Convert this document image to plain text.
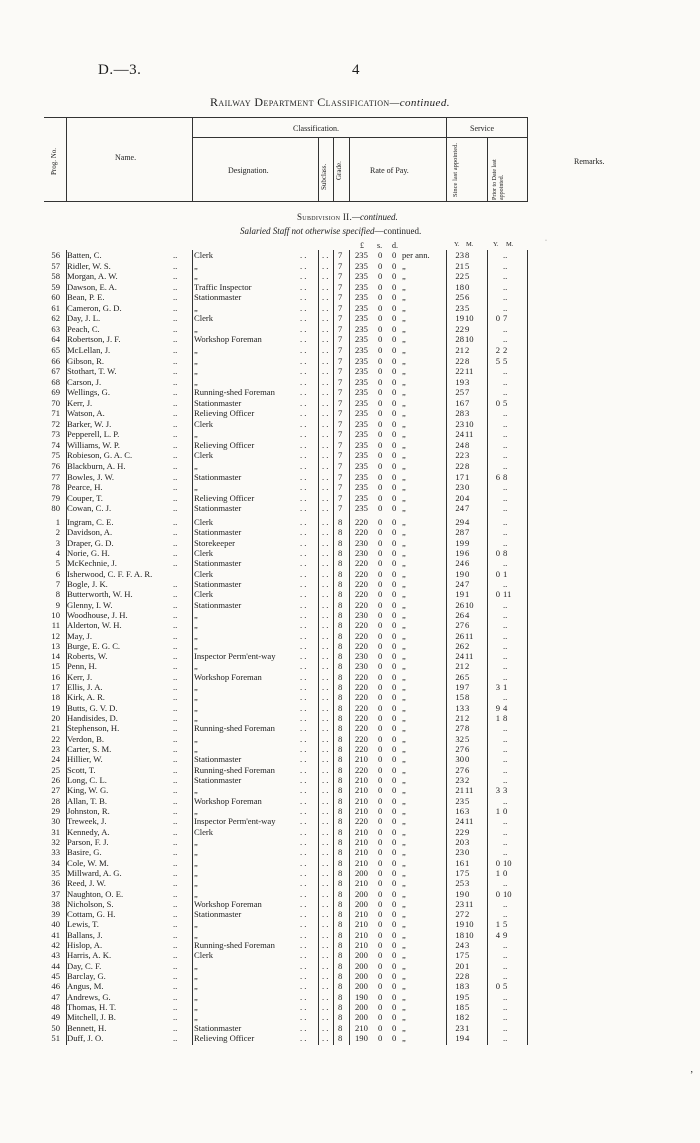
D.—3.	4
Railway Department Classification—continued.
Classification.	Service
Name.
Designation.	Rate of Pay.
Remarks.
Prog. No.
Subclass. Grade.	Since last appointed.	Prior to Date last appointed.
Subdivision II.—continued.
Salaried Staff not otherwise specified—continued.
£ s. d.	Y. M.	Y. M.
56 Batten, C.	.. Clerk	. . . . 7 235 0 0 per ann.	23 8	..
57 Ridler, W. S.	.. „	. . . . 7 235 0 0 „	21 5	..
58 Morgan, A. W.	.. „	. . . . 7 235 0 0 „	22 5	..
59 Dawson, E. A.	.. Traffic Inspector	. . . . 7 235 0 0 „	18 0	..
60 Bean, P. E.	.. Stationmaster	. . . . 7 235 0 0 „	25 6	..
61 Cameron, G. D.	.. „	. . . . 7 235 0 0 „	23 5	..
62 Day, J. L.	.. Clerk	. . . . 7 235 0 0 „	19 10	0 7
63 Peach, C.	.. „	. . . . 7 235 0 0 „	22 9	..
64 Robertson, J. F.	.. Workshop Foreman	. . . . 7 235 0 0 „	28 10	..
65 McLellan, J.	.. „	. . . . 7 235 0 0 „	21 2	2 2
66 Gibson, R.	.. „	. . . . 7 235 0 0 „	22 8	5 5
67 Stothart, T. W.	.. „	. . . . 7 235 0 0 „	22 11	..
68 Carson, J.	.. „	. . . . 7 235 0 0 „	19 3	..
69 Wellings, G.	.. Running-shed Foreman	. . . . 7 235 0 0 „	25 7	..
70 Kerr, J.	.. Stationmaster	. . . . 7 235 0 0 „	16 7	0 5
71 Watson, A.	.. Relieving Officer	. . . . 7 235 0 0 „	28 3	..
72 Barker, W. J.	.. Clerk	. . . . 7 235 0 0 „	23 10	..
73 Pepperell, L. P.	.. „	. . . . 7 235 0 0 „	24 11	..
74 Williams, W. P.	.. Relieving Officer	. . . . 7 235 0 0 „	24 8	..
75 Robieson, G. A. C.	.. Clerk	. . . . 7 235 0 0 „	22 3	..
76 Blackburn, A. H.	.. „	. . . . 7 235 0 0 „	22 8	..
77 Bowles, J. W.	.. Stationmaster	. . . . 7 235 0 0 „	17 1	6 8
78 Pearce, H.	.. „	. . . . 7 235 0 0 „	23 0	..
79 Couper, T.	.. Relieving Officer	. . . . 7 235 0 0 „	20 4	..
80 Cowan, C. J.	.. Stationmaster	. . . . 7 235 0 0 „	24 7	..
1 Ingram, C. E.	.. Clerk	. . . . 8 220 0 0 „	29 4	..
2 Davidson, A.	.. Stationmaster	. . . . 8 220 0 0 „	28 7	..
3 Draper, G. D.	.. Storekeeper	. . . . 8 230 0 0 „	19 9	..
4 Norie, G. H.	.. Clerk	. . . . 8 230 0 0 „	19 6	0 8
5 McKechnie, J.	.. Stationmaster	. . . . 8 220 0 0 „	24 6	..
6 Isherwood, C. F. F. A. R.	Clerk	. . . . 8 220 0 0 „	19 0	0 1
7 Bogle, J. K.	.. Stationmaster	. . . . 8 220 0 0 „	24 7	..
8 Butterworth, W. H.	.. Clerk	. . . . 8 220 0 0 „	19 1	0 11
9 Glenny, I. W.	.. Stationmaster	. . . . 8 220 0 0 „	26 10	..
10 Woodhouse, J. H.	.. „	. . . . 8 230 0 0 „	26 4	..
11 Alderton, W. H.	.. „	. . . . 8 220 0 0 „	27 6	..
12 May, J.	.. „	. . . . 8 220 0 0 „	26 11	..
13 Burge, E. G. C.	.. „	. . . . 8 220 0 0 „	26 2	..
14 Roberts, W.	.. Inspector Perm'ent-way	. . . . 8 230 0 0 „	24 11	..
15 Penn, H.	.. „	. . . . 8 230 0 0 „	21 2	..
16 Kerr, J.	.. Workshop Foreman	. . . . 8 220 0 0 „	26 5	..
17 Ellis, J. A.	.. „	. . . . 8 220 0 0 „	19 7	3 1
18 Kirk, A. R.	.. „	. . . . 8 220 0 0 „	15 8	..
19 Butts, G. V. D.	.. „	. . . . 8 220 0 0 „	13 3	9 4
20 Handisides, D.	.. „	. . . . 8 220 0 0 „	21 2	1 8
21 Stephenson, H.	.. Running-shed Foreman	. . . . 8 220 0 0 „	27 8	..
22 Verdon, B.	.. „	. . . . 8 220 0 0 „	32 5	..
23 Carter, S. M.	.. „	. . . . 8 220 0 0 „	27 6	..
24 Hillier, W.	.. Stationmaster	. . . . 8 210 0 0 „	30 0	..
25 Scott, T.	.. Running-shed Foreman	. . . . 8 220 0 0 „	27 6	..
26 Long, C. L.	.. Stationmaster	. . . . 8 210 0 0 „	23 2	..
27 King, W. G.	.. „	. . . . 8 210 0 0 „	21 11	3 3
28 Allan, T. B.	.. Workshop Foreman	. . . . 8 210 0 0 „	23 5	..
29 Johnston, R.	.. „	. . . . 8 210 0 0 „	16 3	1 0
30 Treweek, J.	.. Inspector Perm'ent-way	. . . . 8 220 0 0 „	24 11	..
31 Kennedy, A.	.. Clerk	. . . . 8 210 0 0 „	22 9	..
32 Parson, F. J.	.. „	. . . . 8 210 0 0 „	20 3	..
33 Basire, G.	.. „	. . . . 8 210 0 0 „	23 0	..
34 Cole, W. M.	.. „	. . . . 8 210 0 0 „	16 1	0 10
35 Millward, A. G.	.. „	. . . . 8 200 0 0 „	17 5	1 0
36 Reed, J. W.	.. „	. . . . 8 210 0 0 „	25 3	..
37 Naughton, O. E.	.. „	. . . . 8 200 0 0 „	19 0	0 10
38 Nicholson, S.	.. Workshop Foreman	. . . . 8 200 0 0 „	23 11	..
39 Cottam, G. H.	.. Stationmaster	. . . . 8 210 0 0 „	27 2	..
40 Lewis, T.	.. „	. . . . 8 210 0 0 „	19 10	1 5
41 Ballans, J.	.. „	. . . . 8 210 0 0 „	18 10	4 9
42 Hislop, A.	.. Running-shed Foreman	. . . . 8 210 0 0 „	24 3	..
43 Harris, A. K.	.. Clerk	. . . . 8 200 0 0 „	17 5	..
44 Day, C. F.	.. „	. . . . 8 200 0 0 „	20 1	..
45 Barclay, G.	.. „	. . . . 8 200 0 0 „	22 8	..
46 Angus, M.	.. „	. . . . 8 200 0 0 „	18 3	0 5
47 Andrews, G.	.. „	. . . . 8 190 0 0 „	19 5	..
48 Thomas, H. T.	.. „	. . . . 8 200 0 0 „	18 5	..
49 Mitchell, J. B.	.. „	. . . . 8 200 0 0 „	18 2	..
50 Bennett, H.	.. Stationmaster	. . . . 8 210 0 0 „	23 1	..
51 Duff, J. O.	.. Relieving Officer	. . . . 8 190 0 0 „	19 4	..
·
’
